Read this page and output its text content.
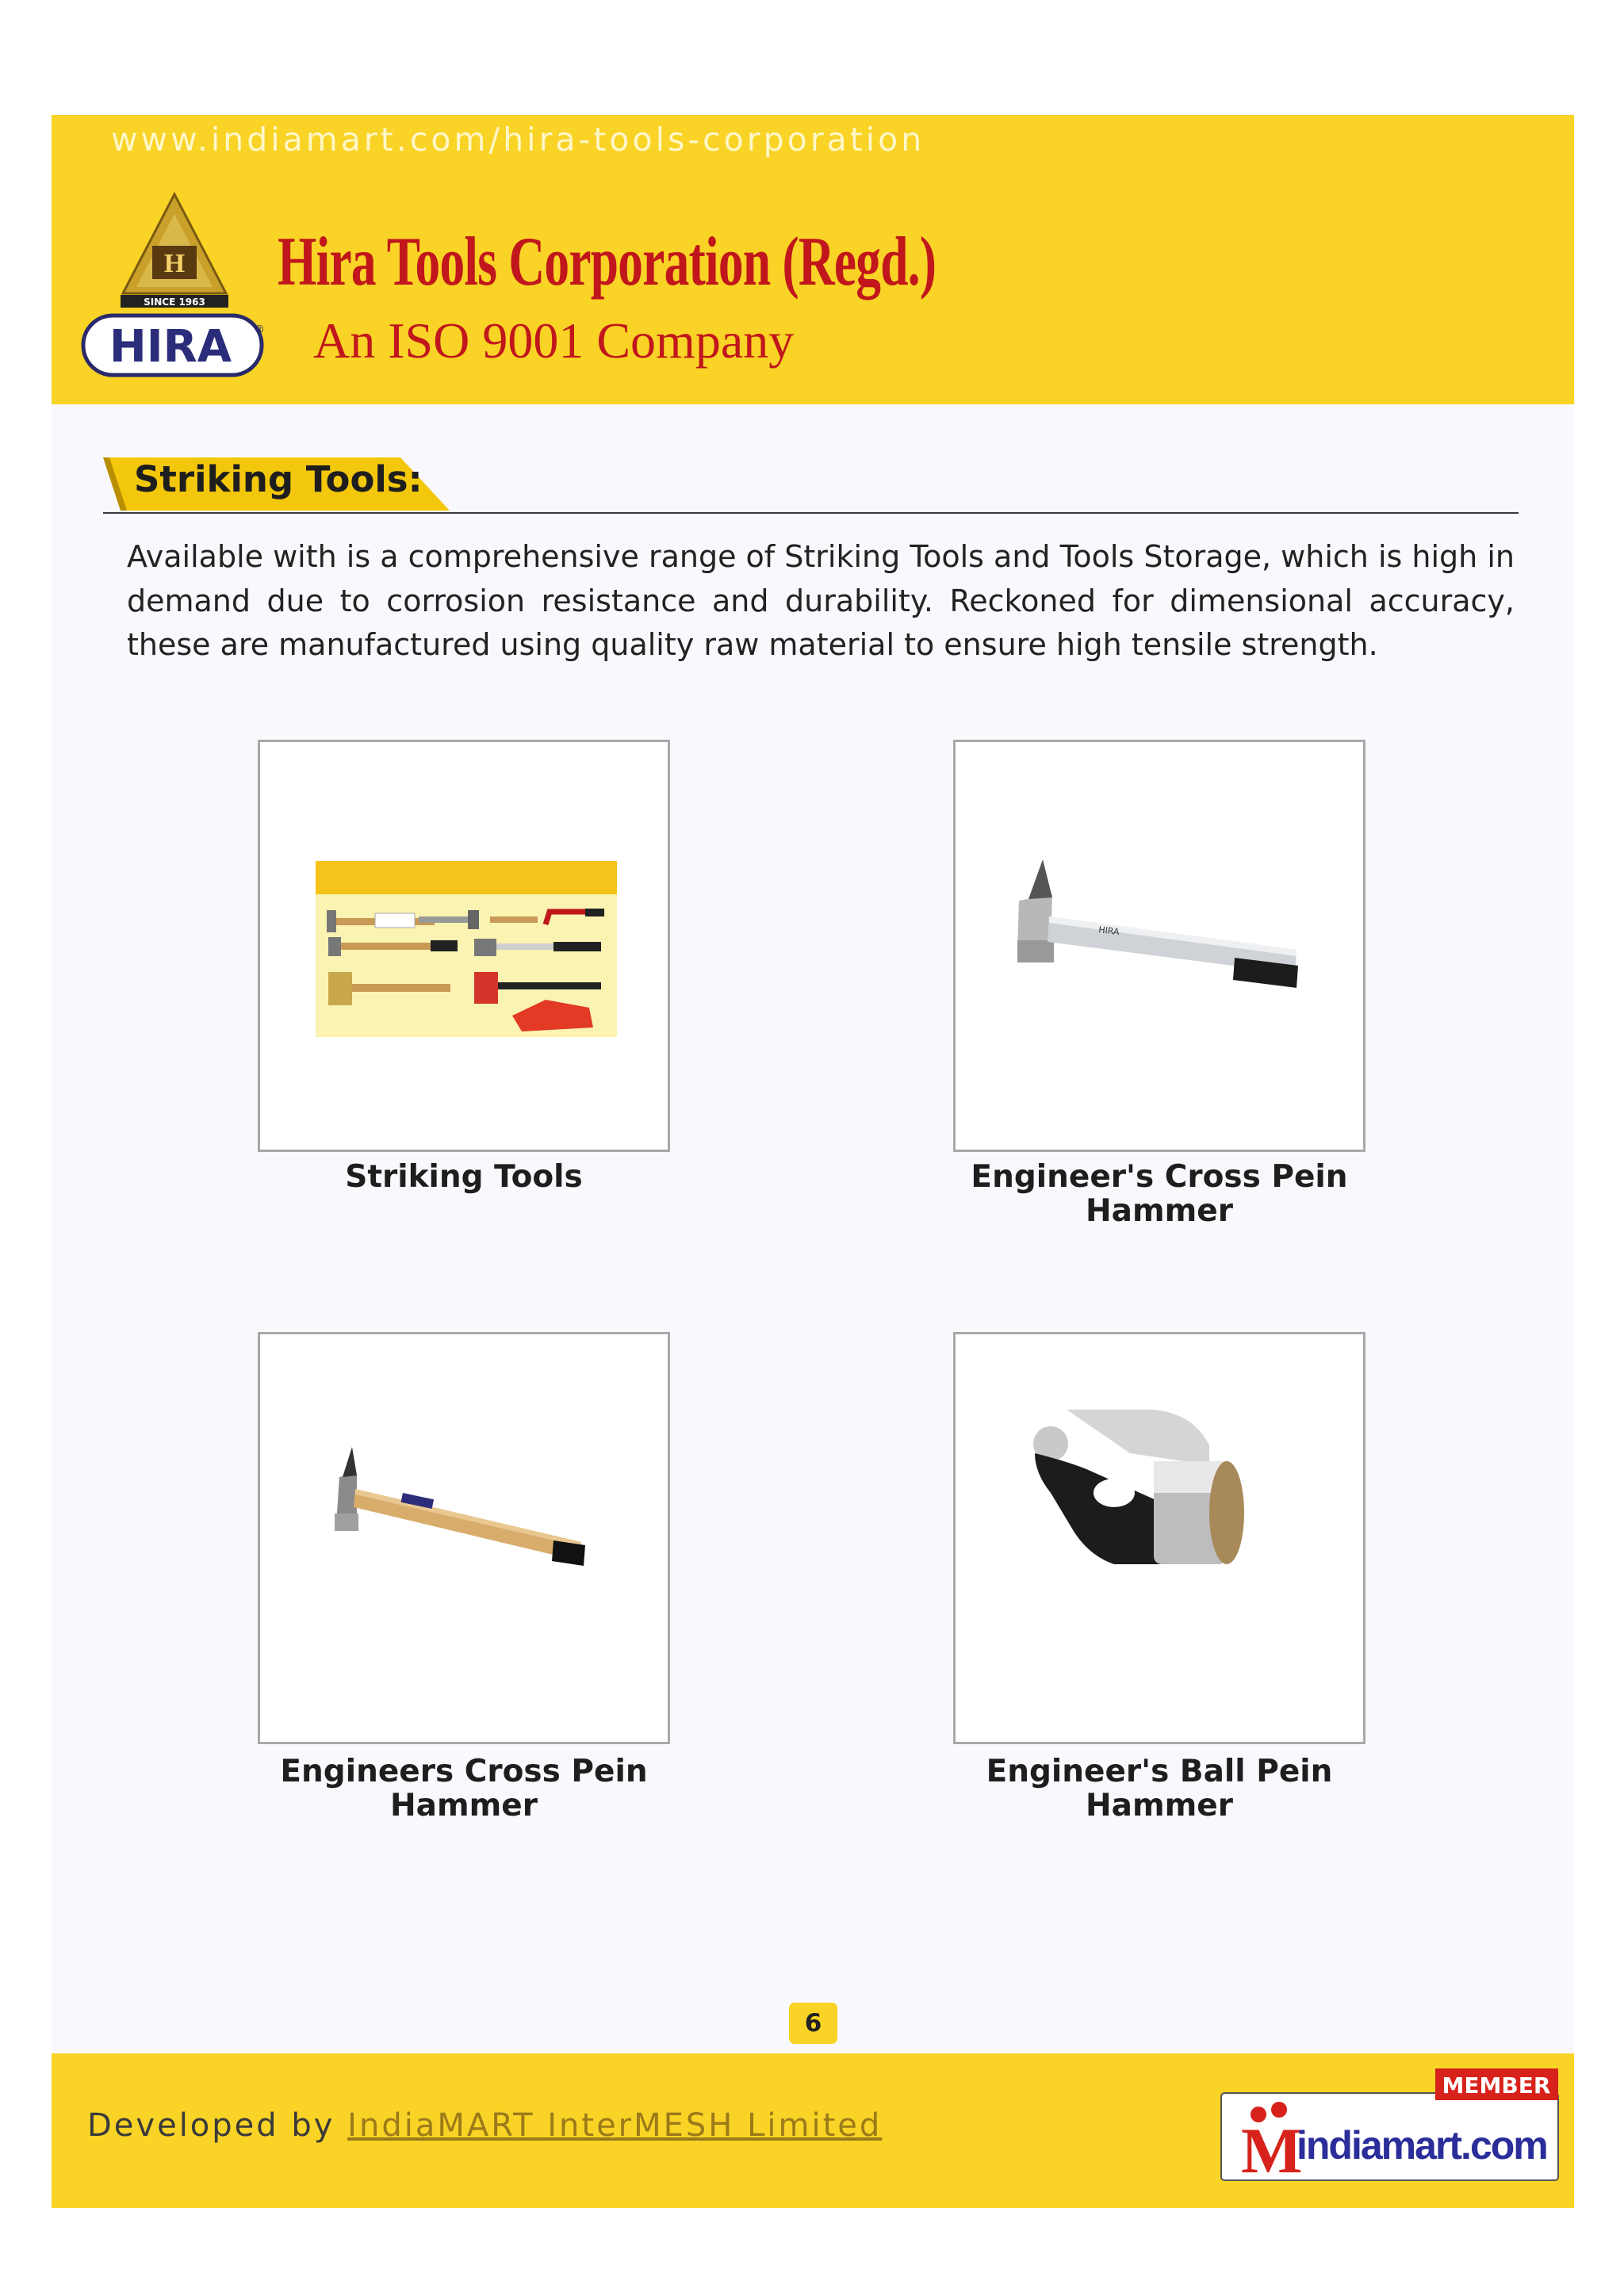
www.indiamart.com/hira-tools-corporation
H
SINCE 1963
HIRA ®
Hira Tools Corporation (Regd.)
An ISO 9001 Company
Striking Tools:
Available with is a comprehensive range of Striking Tools and Tools Storage, which is high in demand due to corrosion resistance and durability. Reckoned for dimensional accuracy, these are manufactured using quality raw material to ensure high tensile strength.
Striking Tools
HIRA
Engineer's Cross Pein Hammer
Engineers Cross Pein Hammer
Engineer's Ball Pein Hammer
6
Developed by IndiaMART InterMESH Limited
MEMBER
M
indiamart.com
